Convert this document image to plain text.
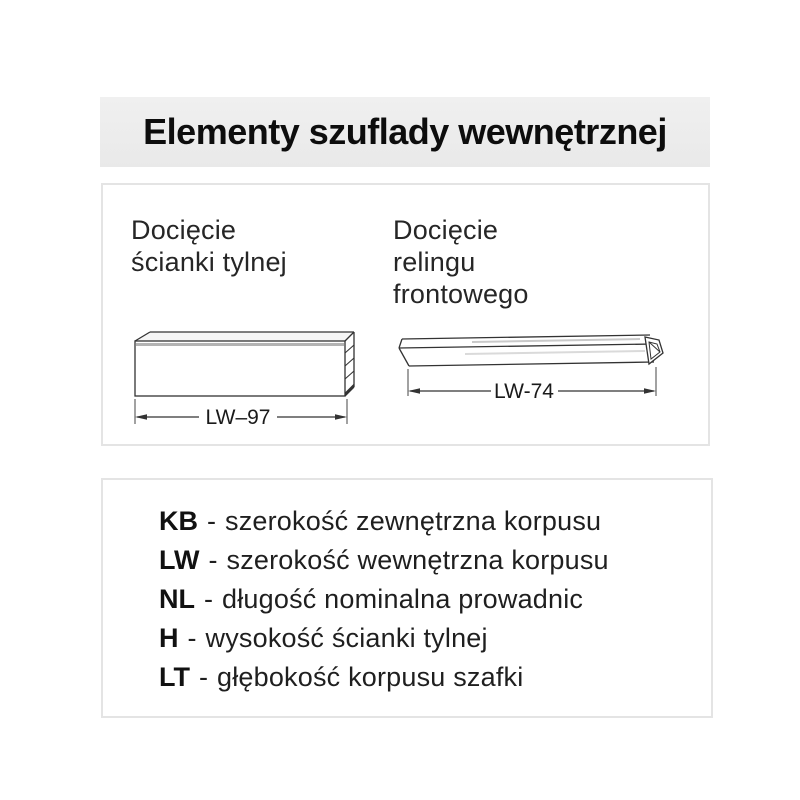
Elementy szuflady wewnętrznej
Docięcie
ścianki tylnej
Docięcie
relingu
frontowego
LW–97
LW-74
KB - szerokość zewnętrzna korpusu
LW - szerokość wewnętrzna korpusu
NL - długość nominalna prowadnic
H - wysokość ścianki tylnej
LT - głębokość korpusu szafki
